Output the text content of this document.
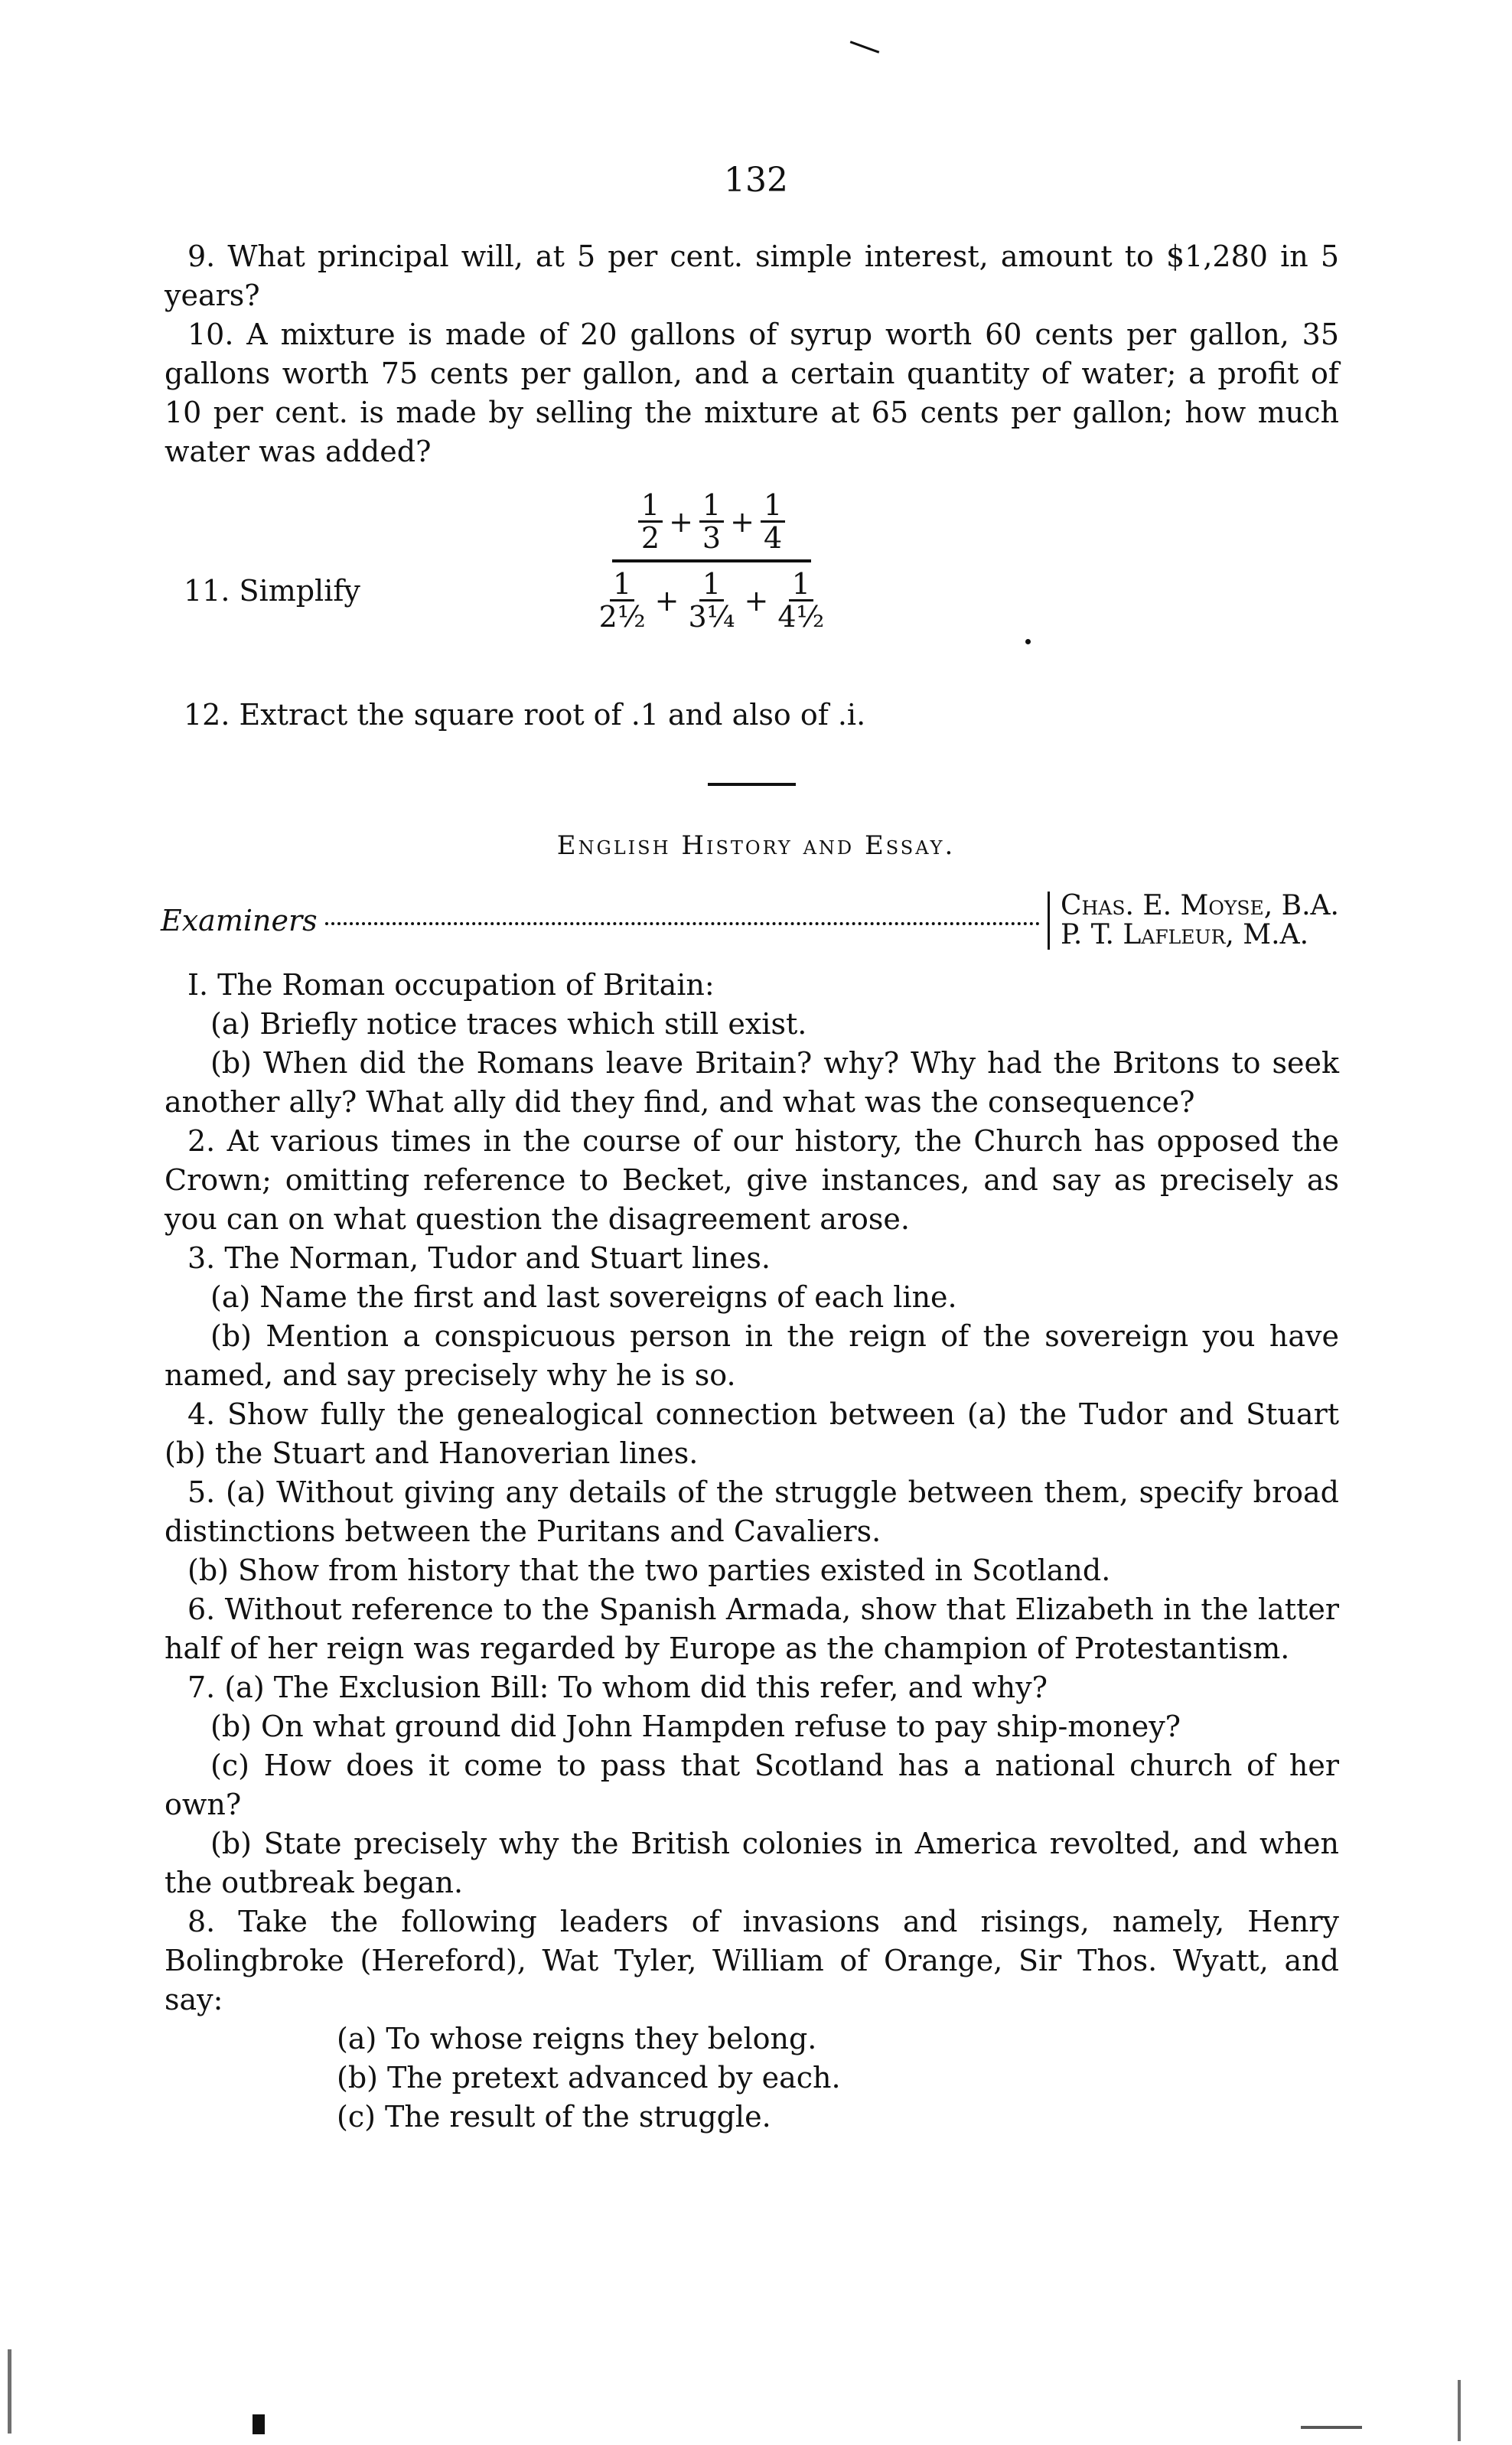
132

9. What principal will, at 5 per cent. simple interest, amount to $1,280 in 5 years?

10. A mixture is made of 20 gallons of syrup worth 60 cents per gallon, 35 gallons worth 75 cents per gallon, and a certain quantity of water; a profit of 10 per cent. is made by selling the mixture at 65 cents per gallon; how much water was added?

11. Simplify
$\frac{1}{2} + \frac{1}{3} + \frac{1}{4}$
$\frac{1}{\text{2½}} + \frac{1}{\text{3¼}} + \frac{1}{\text{4½}}$
12. Extract the square root of .1 and also of .i.
English History and Essay.
Examiners	Chas. E. Moyse, B.A.
P. T. Lafleur, M.A.

I. The Roman occupation of Britain:

(a) Briefly notice traces which still exist.

(b) When did the Romans leave Britain? why? Why had the Britons to seek another ally? What ally did they find, and what was the consequence?

2. At various times in the course of our history, the Church has opposed the Crown; omitting reference to Becket, give instances, and say as precisely as you can on what question the disagreement arose.

3. The Norman, Tudor and Stuart lines.

(a) Name the first and last sovereigns of each line.

(b) Mention a conspicuous person in the reign of the sovereign you have named, and say precisely why he is so.

4. Show fully the genealogical connection between (a) the Tudor and Stuart (b) the Stuart and Hanoverian lines.

5. (a) Without giving any details of the struggle between them, specify broad distinctions between the Puritans and Cavaliers.

(b) Show from history that the two parties existed in Scotland.

6. Without reference to the Spanish Armada, show that Elizabeth in the latter half of her reign was regarded by Europe as the champion of Protestantism.

7. (a) The Exclusion Bill: To whom did this refer, and why?

(b) On what ground did John Hampden refuse to pay ship-money?

(c) How does it come to pass that Scotland has a national church of her own?

(b) State precisely why the British colonies in America revolted, and when the outbreak began.

8. Take the following leaders of invasions and risings, namely, Henry Bolingbroke (Hereford), Wat Tyler, William of Orange, Sir Thos. Wyatt, and say:

(a) To whose reigns they belong.

(b) The pretext advanced by each.

(c) The result of the struggle.
